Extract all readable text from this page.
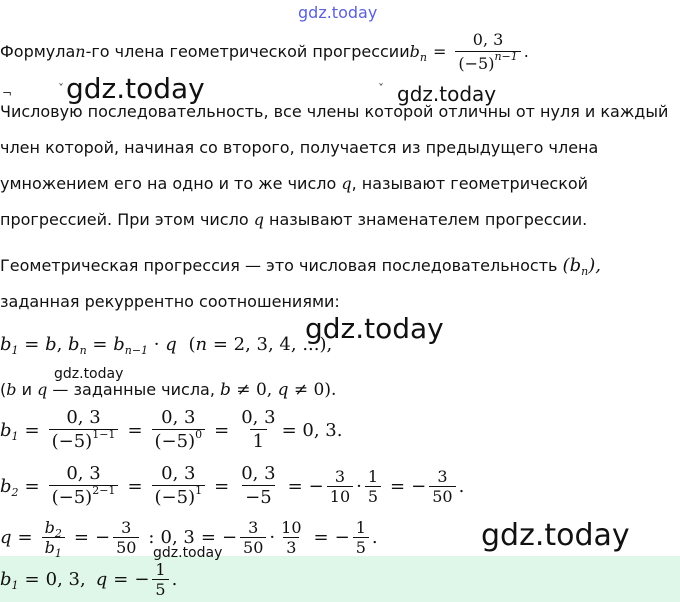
gdz.today
gdz.today	gdz.today
gdz.today
gdz.today
gdz.today
gdz.today
¬	ˇ	ˇ
Формула n -го члена геометрической прогрессии $b_n = \frac{0, 3}{(-5)^{n-1}}$ .
Числовую последовательность, все члены которой отличны от нуля и каждый
член которой, начиная со второго, получается из предыдущего члена
умножением его на одно и то же число q, называют геометрической
прогрессией. При этом число q называют знаменателем прогрессии.
Геометрическая прогрессия — это числовая последовательность $(b_n)$,
заданная рекуррентно соотношениями:
$b_1 = b$, $b_n = b_{n-1} \cdot q$ (n = 2, 3, 4, ...),
(b и q — заданные числа, b ≠ 0, q ≠ 0).
$b_1 = \frac{0, 3}{(-5)^{1-1}} = \frac{0, 3}{(-5)^0} = \frac{0, 3}{1} = 0$, 3.
$b_2 = \frac{0, 3}{(-5)^{2-1}} = \frac{0, 3}{(-5)^1} = \frac{0, 3}{-5}$ = − $\frac{3}{10} \cdot \frac{1}{5}$ = − $\frac{3}{50}$ .
$q = \frac{b_2}{b_1}$ = − $\frac{3}{50}$ : 0, 3 = − $\frac{3}{50} \cdot \frac{10}{3}$ = − $\frac{1}{5}$ .
$b_1 = 0$, 3, q = − $\frac{1}{5}$ .
